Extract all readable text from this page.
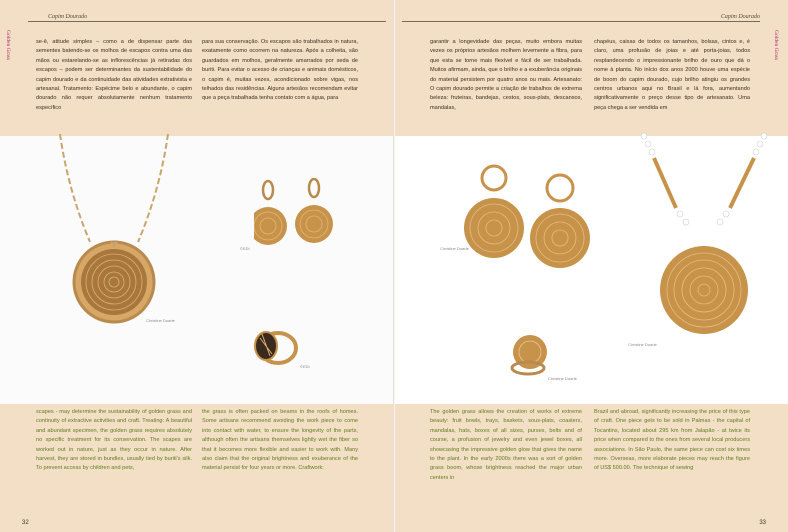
Capim Dourado
Golden Grass	se-ê, atitude simples – como a de dispensar parte das sementes batendo-se os molhos de escapos contra uma das mãos ou estarelando-se as inflorescências já retiradas dos escapos – podem ser determinantes da sustentabilidade do capim dourado e da continuidade das atividades extrativista e artesanal. Tratamento: Espécime belo e abundante, o capim dourado não requer absolutamente nenhum tratamento específico
para sua conservação. Os escapos são trabalhados in natura, exatamente como ocorrem na natureza. Após a colheita, são guardados em molhos, geralmente amarrados por seda de buriti. Para evitar o acesso de crianças e animais domésticos, o capim é, muitas vezes, acondicionado sobre vigas, nos telhados das residências. Alguns artesãos recomendam evitar que a peça trabalhada tenha contato com a água, para
Christine Duarte
©EDI
©EDI
scapes - may determine the sustainability of golden grass and continuity of extractive activities and craft. Treating: A beautiful and abundant specimen, the golden grass requires absolutely no specific treatment for its conservation. The scapes are worked out in nature, just as they occur in nature. After harvest, they are stored in bundles, usually tied by buriti's silk. To prevent access by children and pets,
the grass is often packed on beams in the roofs of homes. Some artisans recommend avoiding the work piece to come into contact with water, to ensure the longevity of the parts, although often the artisans themselves lightly wet the fiber so that it becomes more flexible and easier to work with. Many also claim that the original brightness and exuberance of the material persist for four years or more. Craftwork:
32
Capim Dourado
Golden Grass
garantir a longevidade das peças, muito embora muitas vezes os próprios artesãos molhem levemente a fibra, para que esta se torne mais flexível e fácil de ser trabalhada. Muitos afirmam, ainda, que o brilho e a exuberância originais do material persistem por quatro anos ou mais. Artesanato: O capim dourado permite a criação de trabalhos de extrema beleza: fruteiras, bandejas, cestos, sous-plats, descansos, mandalas,
chapéus, caixas de todos os tamanhos, bolsas, cintos e, é claro, uma profusão de joias e até porta-joias, todos resplandecendo o impressionante brilho de ouro que dá o nome à planta. No início dos anos 2000 houve uma espécie de boom do capim dourado, cujo brilho atingiu os grandes centros urbanos aqui no Brasil e lá fora, aumentando significativamente o preço desse tipo de artesanato. Uma peça chega a ser vendida em
Christine Duarte
Christine Duarte
Christine Duarte
The golden grass allows the creation of works of extreme beauty: fruit bowls, trays, baskets, sous-plats, coasters, mandalas, hats, boxes of all sizes, purses, belts and of course, a profusion of jewelry and even jewel boxes, all showcasing the impressive golden glow that gives the name to the plant. In the early 2000s there was a sort of golden grass boom, whose brightness reached the major urban centers in
Brazil and abroad, significantly increasing the price of this type of craft. One piece gets to be sold in Palmas - the capital of Tocantins, located about 295 km from Jalapão - at twice its price when compared to the ones from several local producers associations. In São Paulo, the same piece can cost six times more. Overseas, more elaborate pieces may reach the figure of US$ 500.00. The technique of sewing
33
